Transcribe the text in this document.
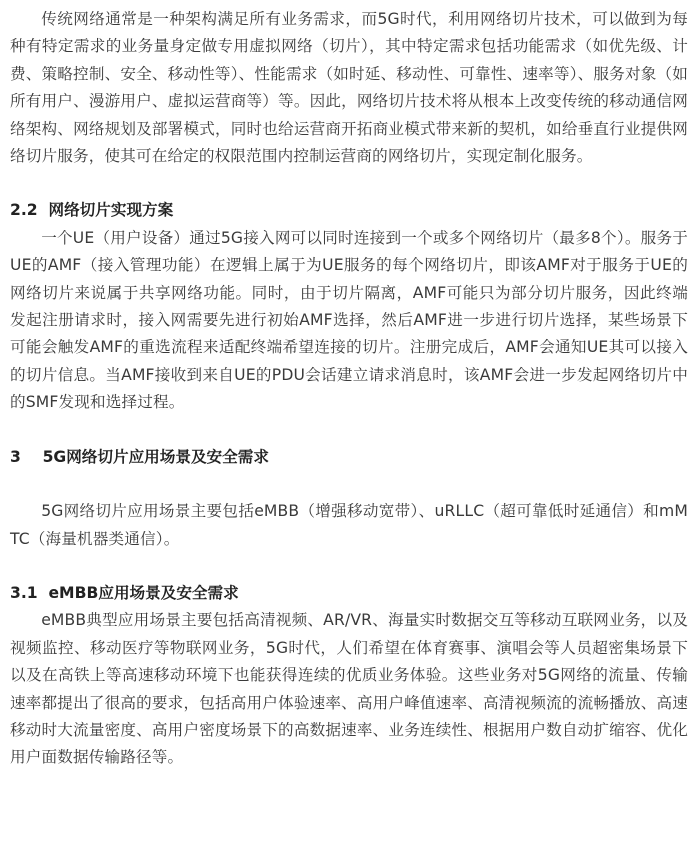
传统网络通常是一种架构满足所有业务需求，而5G时代，利用网络切片技术，可以做到为每种有特定需求的业务量身定做专用虚拟网络（切片），其中特定需求包括功能需求（如优先级、计费、策略控制、安全、移动性等）、性能需求（如时延、移动性、可靠性、速率等）、服务对象（如所有用户、漫游用户、虚拟运营商等）等。因此，网络切片技术将从根本上改变传统的移动通信网络架构、网络规划及部署模式，同时也给运营商开拓商业模式带来新的契机，如给垂直行业提供网络切片服务，使其可在给定的权限范围内控制运营商的网络切片，实现定制化服务。

2.2  网络切片实现方案

一个UE（用户设备）通过5G接入网可以同时连接到一个或多个网络切片（最多8个）。服务于UE的AMF（接入管理功能）在逻辑上属于为UE服务的每个网络切片，即该AMF对于服务于UE的网络切片来说属于共享网络功能。同时，由于切片隔离，AMF可能只为部分切片服务，因此终端发起注册请求时，接入网需要先进行初始AMF选择，然后AMF进一步进行切片选择，某些场景下可能会触发AMF的重选流程来适配终端希望连接的切片。注册完成后，AMF会通知UE其可以接入的切片信息。当AMF接收到来自UE的PDU会话建立请求消息时，该AMF会进一步发起网络切片中的SMF发现和选择过程。

3    5G网络切片应用场景及安全需求

5G网络切片应用场景主要包括eMBB（增强移动宽带）、uRLLC（超可靠低时延通信）和mMTC（海量机器类通信）。

3.1  eMBB应用场景及安全需求

eMBB典型应用场景主要包括高清视频、AR/VR、海量实时数据交互等移动互联网业务，以及视频监控、移动医疗等物联网业务，5G时代，人们希望在体育赛事、演唱会等人员超密集场景下以及在高铁上等高速移动环境下也能获得连续的优质业务体验。这些业务对5G网络的流量、传输速率都提出了很高的要求，包括高用户体验速率、高用户峰值速率、高清视频流的流畅播放、高速移动时大流量密度、高用户密度场景下的高数据速率、业务连续性、根据用户数自动扩缩容、优化用户面数据传输路径等。
